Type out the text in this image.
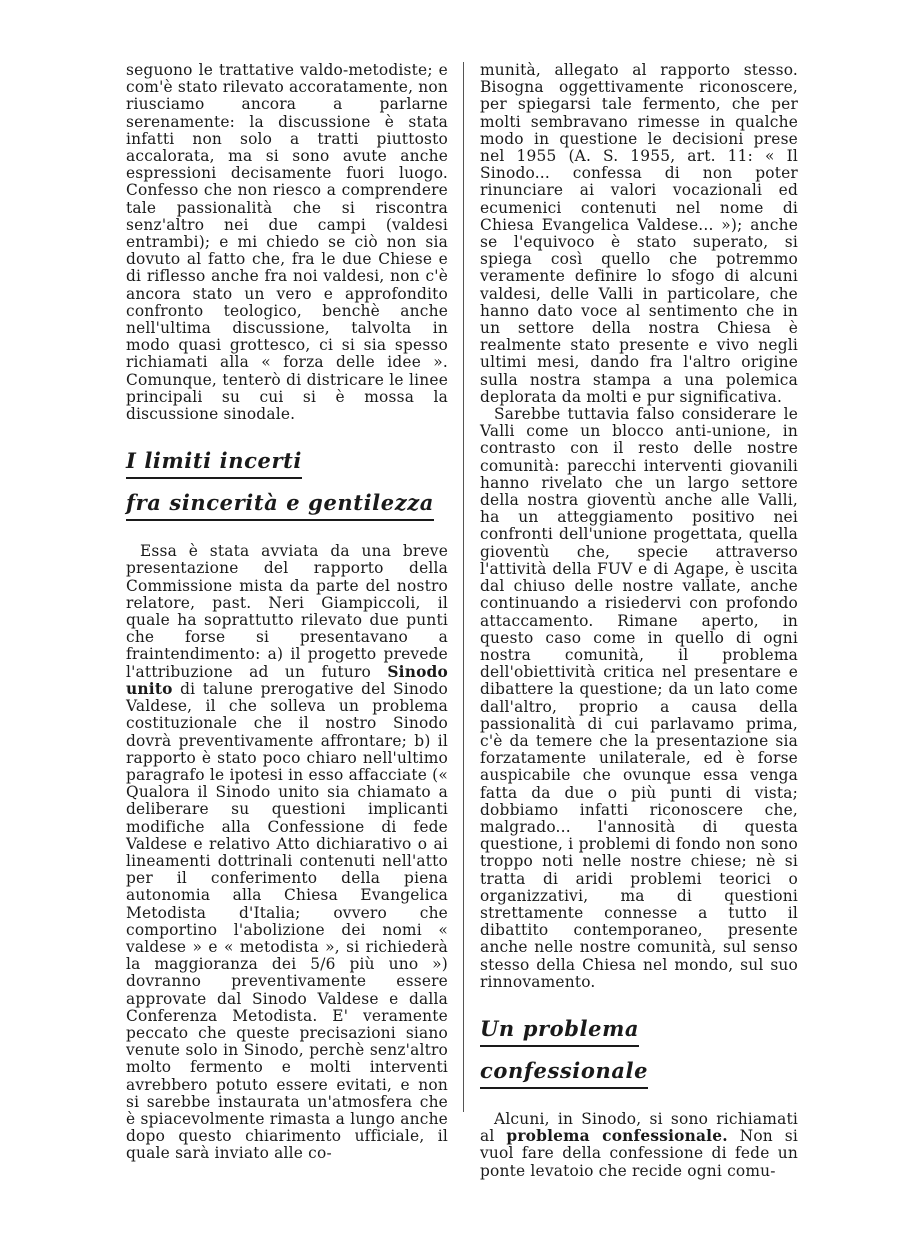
seguono le trattative valdo-metodiste; e com'è stato rilevato accoratamente, non riusciamo ancora a parlarne serenamente: la discussione è stata infatti non solo a tratti piuttosto accalorata, ma si sono avute anche espressioni decisamente fuori luogo. Confesso che non riesco a comprendere tale passionalità che si riscontra senz'altro nei due campi (valdesi entrambi); e mi chiedo se ciò non sia dovuto al fatto che, fra le due Chiese e di riflesso anche fra noi valdesi, non c'è ancora stato un vero e approfondito confronto teologico, benchè anche nell'ultima discussione, talvolta in modo quasi grottesco, ci si sia spesso richiamati alla « forza delle idee ». Comunque, tenterò di districare le linee principali su cui si è mossa la discussione sinodale.

I limiti incerti
fra sincerità e gentilezza

Essa è stata avviata da una breve presentazione del rapporto della Commissione mista da parte del nostro relatore, past. Neri Giampiccoli, il quale ha soprattutto rilevato due punti che forse si presentavano a fraintendimento: a) il progetto prevede l'attribuzione ad un futuro Sinodo unito di talune prerogative del Sinodo Valdese, il che solleva un problema costituzionale che il nostro Sinodo dovrà preventivamente affrontare; b) il rapporto è stato poco chiaro nell'ultimo paragrafo le ipotesi in esso affacciate (« Qualora il Sinodo unito sia chiamato a deliberare su questioni implicanti modifiche alla Confessione di fede Valdese e relativo Atto dichiarativo o ai lineamenti dottrinali contenuti nell'atto per il conferimento della piena autonomia alla Chiesa Evangelica Metodista d'Italia; ovvero che comportino l'abolizione dei nomi « valdese » e « metodista », si richiederà la maggioranza dei 5/6 più uno ») dovranno preventivamente essere approvate dal Sinodo Valdese e dalla Conferenza Metodista. E' veramente peccato che queste precisazioni siano venute solo in Sinodo, perchè senz'altro molto fermento e molti interventi avrebbero potuto essere evitati, e non si sarebbe instaurata un'atmosfera che è spiacevolmente rimasta a lungo anche dopo questo chiarimento ufficiale, il quale sarà inviato alle co-

munità, allegato al rapporto stesso. Bisogna oggettivamente riconoscere, per spiegarsi tale fermento, che per molti sembravano rimesse in qualche modo in questione le decisioni prese nel 1955 (A. S. 1955, art. 11: « Il Sinodo... confessa di non poter rinunciare ai valori vocazionali ed ecumenici contenuti nel nome di Chiesa Evangelica Valdese... »); anche se l'equivoco è stato superato, si spiega così quello che potremmo veramente definire lo sfogo di alcuni valdesi, delle Valli in particolare, che hanno dato voce al sentimento che in un settore della nostra Chiesa è realmente stato presente e vivo negli ultimi mesi, dando fra l'altro origine sulla nostra stampa a una polemica deplorata da molti e pur significativa.

Sarebbe tuttavia falso considerare le Valli come un blocco anti-unione, in contrasto con il resto delle nostre comunità: parecchi interventi giovanili hanno rivelato che un largo settore della nostra gioventù anche alle Valli, ha un atteggiamento positivo nei confronti dell'unione progettata, quella gioventù che, specie attraverso l'attività della FUV e di Agape, è uscita dal chiuso delle nostre vallate, anche continuando a risiedervi con profondo attaccamento. Rimane aperto, in questo caso come in quello di ogni nostra comunità, il problema dell'obiettività critica nel presentare e dibattere la questione; da un lato come dall'altro, proprio a causa della passionalità di cui parlavamo prima, c'è da temere che la presentazione sia forzatamente unilaterale, ed è forse auspicabile che ovunque essa venga fatta da due o più punti di vista; dobbiamo infatti riconoscere che, malgrado... l'annosità di questa questione, i problemi di fondo non sono troppo noti nelle nostre chiese; nè si tratta di aridi problemi teorici o organizzativi, ma di questioni strettamente connesse a tutto il dibattito contemporaneo, presente anche nelle nostre comunità, sul senso stesso della Chiesa nel mondo, sul suo rinnovamento.

Un problema
confessionale

Alcuni, in Sinodo, si sono richiamati al problema confessionale. Non si vuol fare della confessione di fede un ponte levatoio che recide ogni comu-
